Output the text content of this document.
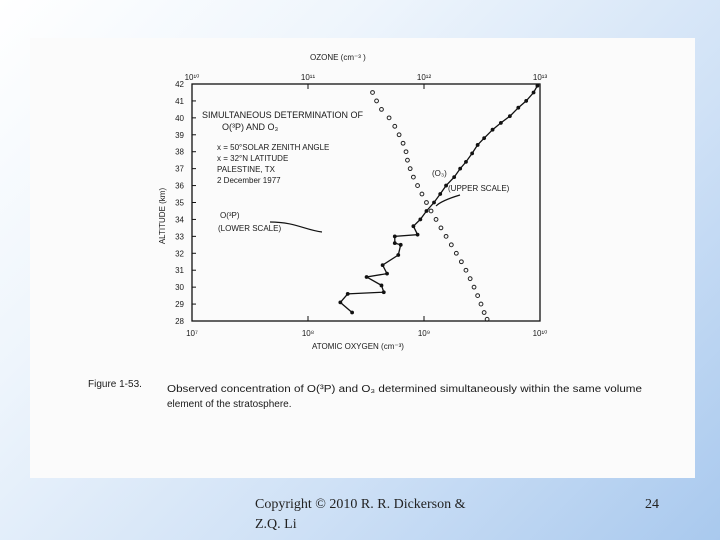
28
29
30
31
32
33
34
35
36
37
38
39
40
41
42
10¹⁰	10¹¹	10¹²	10¹³
10⁷	10⁸	10⁹	10¹⁰
OZONE (cm⁻³ )
ATOMIC OXYGEN (cm⁻³)
ALTITUDE (km)
SIMULTANEOUS DETERMINATION OF
O(³P) AND O₃
x = 50°SOLAR ZENITH ANGLE
x = 32°N LATITUDE
PALESTINE, TX
2 December 1977
O(³P)
(LOWER SCALE)
(O₃)
(UPPER SCALE)
Figure 1-53.	Observed concentration of O(³P) and O₃ determined simultaneously within the same volume
element of the stratosphere.
Copyright © 2010 R. R. Dickerson & Z.Q. Li
24
